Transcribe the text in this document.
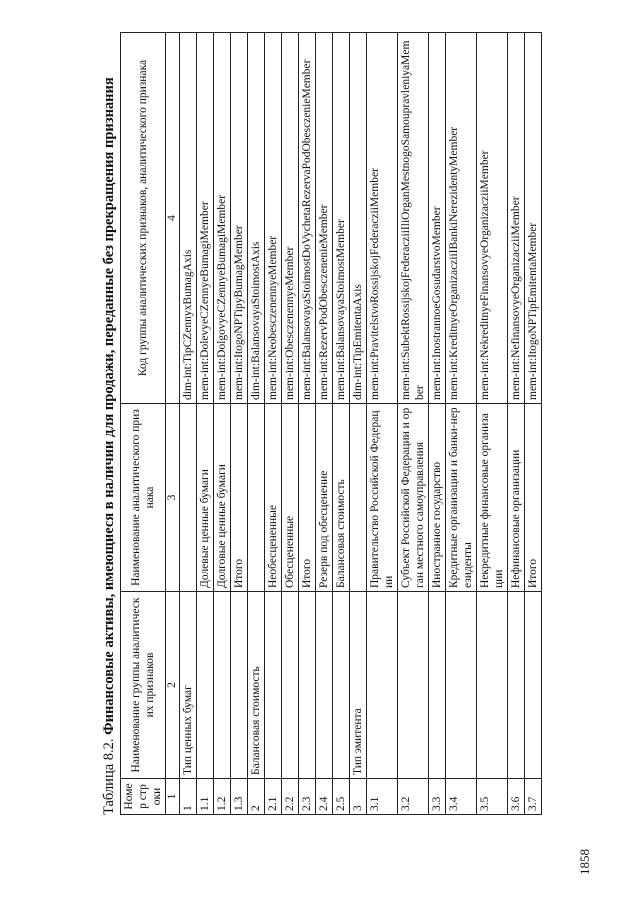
1858
Таблица 8.2. Финансовые активы, имеющиеся в наличии для продажи, переданные без прекращения признания
Номер строки	Наименование группы аналитических признаков	Наименование аналитического признака	Код группы аналитических признаков, аналитического признака
1	2	3	4
1	Тип ценных бумаг		dim-int:TipCZennyxBumagAxis
1.1		Долевые ценные бумаги	mem-int:DolevyeCZennyeBumagiMember
1.2		Долговые ценные бумаги	mem-int:DolgovyeCZennyeBumagiMember
1.3		Итого	mem-int:ItogoNPTipyBumagMember
2	Балансовая стоимость		dim-int:BalansovayaStoimostAxis
2.1		Необесцененные	mem-int:NeobesczenennyeMember
2.2		Обесцененные	mem-int:ObesczenennyeMember
2.3		Итого	mem-int:BalansovayaStoimostDoVychetaRezervaPodObesczenieMember
2.4		Резерв под обесценение	mem-int:RezervPodObesczenenieMember
2.5		Балансовая стоимость	mem-int:BalansovayaStoimostMember
3	Тип эмитента		dim-int:TipEmitentaAxis
3.1		Правительство Российской Федерации	mem-int:PravitelstvoRossijskojFederacziiMember
3.2		Субъект Российской Федерации и орган местного самоуправления	mem-int:SubektRossijskojFederacziiIliOrganMestnogoSamoupravleniyaMember
3.3		Иностранное государство	mem-int:InostrannoeGosudarstvoMember
3.4		Кредитные организации и банки-нерезиденты	mem-int:KreditnyeOrganizacziiIBankiNerezidentyMember
3.5		Некредитные финансовые организации	mem-int:NekreditnyeFinansovyeOrganizacziiMember
3.6		Нефинансовые организации	mem-int:NefinansovyeOrganizacziiMember
3.7		Итого	mem-int:ItogoNPTipEmitentaMember
